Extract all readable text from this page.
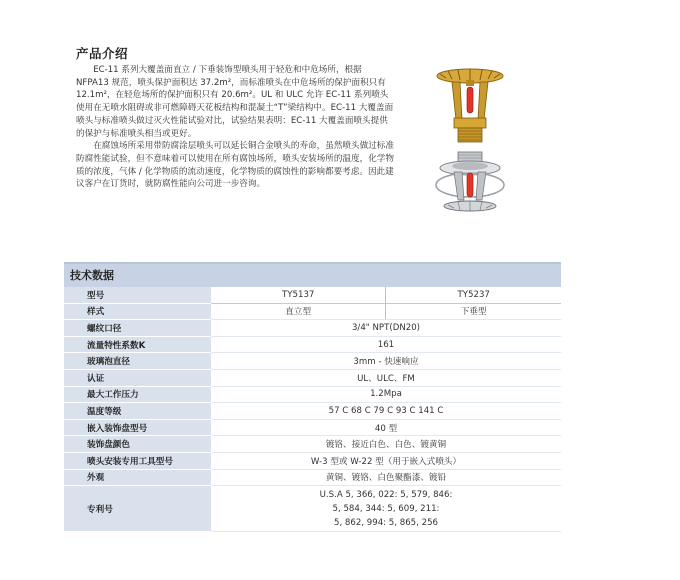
产品介绍

EC-11 系列大覆盖面直立 / 下垂装饰型喷头用于轻危和中危场所，根据 NFPA13 规范，喷头保护面积达 37.2m²，而标准喷头在中危场所的保护面积只有 12.1m²，在轻危场所的保护面积只有 20.6m²。UL 和 ULC 允许 EC-11 系列喷头使用在无喷水阻碍或非可燃障碍天花板结构和混凝土“T”梁结构中。EC-11 大覆盖面喷头与标准喷头做过灭火性能试验对比，试验结果表明：EC-11 大覆盖面喷头提供的保护与标准喷头相当或更好。

在腐蚀场所采用带防腐涂层喷头可以延长铜合金喷头的寿命，虽然喷头做过标准防腐性能试验，但不意味着可以使用在所有腐蚀场所，喷头安装场所的温度，化学物质的浓度，气体 / 化学物质的流动速度，化学物质的腐蚀性的影响都要考虑。因此建议客户在订货时，就防腐性能向公司进一步咨询。

技术数据
型号	TY5137	TY5237
样式	直立型	下垂型
螺纹口径	3/4" NPT(DN20)	
流量特性系数K	161	
玻璃泡直径	3mm - 快速响应	
认证	UL、ULC、FM	
最大工作压力	1.2Mpa	
温度等级	57 C 68 C 79 C 93 C 141 C	
嵌入装饰盘型号	40 型	
装饰盘颜色	镀铬、接近白色、白色、镀黄铜	
喷头安装专用工具型号	W-3 型或 W-22 型（用于嵌入式喷头）	
外观	黄铜、镀铬、白色聚酯漆、镀铅	
专利号	U.S.A 5, 366, 022: 5, 579, 846:
5, 584, 344: 5, 609, 211:
5, 862, 994: 5, 865, 256	
